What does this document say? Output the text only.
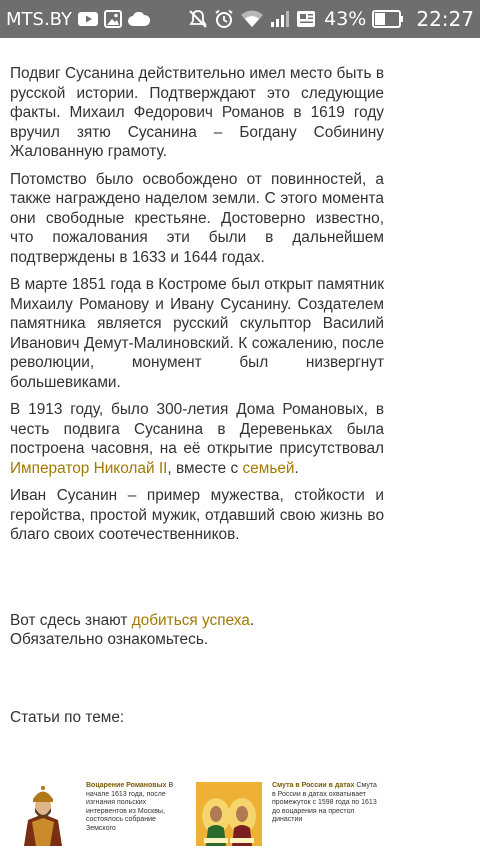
MTS.BY	43%	22:27

Подвиг Сусанина действительно имел место быть в русской истории. Подтверждают это следующие факты. Михаил Федорович Романов в 1619 году вручил зятю Сусанина – Богдану Собинину Жалованную грамоту.

Потомство было освобождено от повинностей, а также награждено наделом земли. С этого момента они свободные крестьяне. Достоверно известно, что пожалования эти были в дальнейшем подтверждены в 1633 и 1644 годах.

В марте 1851 года в Костроме был открыт памятник Михаилу Романову и Ивану Сусанину. Создателем памятника является русский скульптор Василий Иванович Демут-Малиновский. К сожалению, после революции, монумент был низвергнут большевиками.

В 1913 году, было 300-летия Дома Романовых, в честь подвига Сусанина в Деревеньках была построена часовня, на её открытие присутствовал Император Николай II, вместе с семьей.

Иван Сусанин – пример мужества, стойкости и геройства, простой мужик, отдавший свою жизнь во благо своих соотечественников.

Вот сдесь знают добиться успеха.

Обязательно ознакомьтесь.

Статьи по теме:
Воцарение Романовых В начале 1613 года, после изгнания польских интервентов из Москвы, состоялось собрание Земского
Смута в России в датах Смута в России в датах охватывает промежуток с 1598 года по 1613 до воцарения на престол династии
